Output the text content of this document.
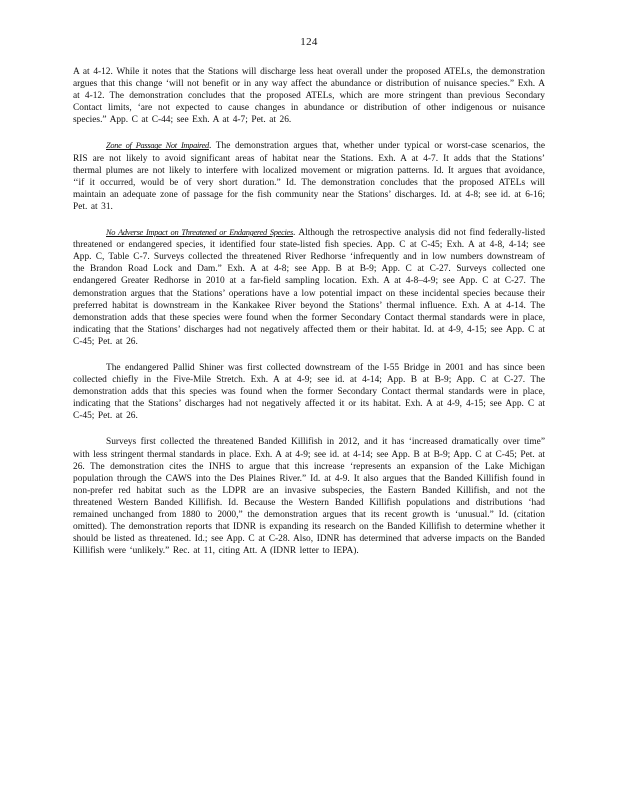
124

A at 4-12. While it notes that the Stations will discharge less heat overall under the proposed ATELs, the demonstration argues that this change ‘will not benefit or in any way affect the abundance or distribution of nuisance species.” Exh. A at 4-12. The demonstration concludes that the proposed ATELs, which are more stringent than previous Secondary Contact limits, ‘are not expected to cause changes in abundance or distribution of other indigenous or nuisance species.” App. C at C-44; see Exh. A at 4-7; Pet. at 26.

Zone of Passage Not Impaired. The demonstration argues that, whether under typical or worst-case scenarios, the RIS are not likely to avoid significant areas of habitat near the Stations. Exh. A at 4-7. It adds that the Stations’ thermal plumes are not likely to interfere with localized movement or migration patterns. Id. It argues that avoidance, ‘‘if it occurred, would be of very short duration.” Id. The demonstration concludes that the proposed ATELs will maintain an adequate zone of passage for the fish community near the Stations’ discharges. Id. at 4-8; see id. at 6-16; Pet. at 31.

No Adverse Impact on Threatened or Endangered Species. Although the retrospective analysis did not find federally-listed threatened or endangered species, it identified four state-listed fish species. App. C at C-45; Exh. A at 4-8, 4-14; see App. C, Table C-7. Surveys collected the threatened River Redhorse ‘infrequently and in low numbers downstream of the Brandon Road Lock and Dam.” Exh. A at 4-8; see App. B at B-9; App. C at C-27. Surveys collected one endangered Greater Redhorse in 2010 at a far-field sampling location. Exh. A at 4-8–4-9; see App. C at C-27. The demonstration argues that the Stations’ operations have a low potential impact on these incidental species because their preferred habitat is downstream in the Kankakee River beyond the Stations’ thermal influence. Exh. A at 4-14. The demonstration adds that these species were found when the former Secondary Contact thermal standards were in place, indicating that the Stations’ discharges had not negatively affected them or their habitat. Id. at 4-9, 4-15; see App. C at C-45; Pet. at 26.

The endangered Pallid Shiner was first collected downstream of the I-55 Bridge in 2001 and has since been collected chiefly in the Five-Mile Stretch. Exh. A at 4-9; see id. at 4-14; App. B at B-9; App. C at C-27. The demonstration adds that this species was found when the former Secondary Contact thermal standards were in place, indicating that the Stations’ discharges had not negatively affected it or its habitat. Exh. A at 4-9, 4-15; see App. C at C-45; Pet. at 26.

Surveys first collected the threatened Banded Killifish in 2012, and it has ‘increased dramatically over time” with less stringent thermal standards in place. Exh. A at 4-9; see id. at 4-14; see App. B at B-9; App. C at C-45; Pet. at 26. The demonstration cites the INHS to argue that this increase ‘represents an expansion of the Lake Michigan population through the CAWS into the Des Plaines River.” Id. at 4-9. It also argues that the Banded Killifish found in non-prefer red habitat such as the LDPR are an invasive subspecies, the Eastern Banded Killifish, and not the threatened Western Banded Killifish. Id. Because the Western Banded Killifish populations and distributions ‘had remained unchanged from 1880 to 2000,” the demonstration argues that its recent growth is ‘unusual.” Id. (citation omitted). The demonstration reports that IDNR is expanding its research on the Banded Killifish to determine whether it should be listed as threatened. Id.; see App. C at C-28. Also, IDNR has determined that adverse impacts on the Banded Killifish were ‘unlikely.” Rec. at 11, citing Att. A (IDNR letter to IEPA).
